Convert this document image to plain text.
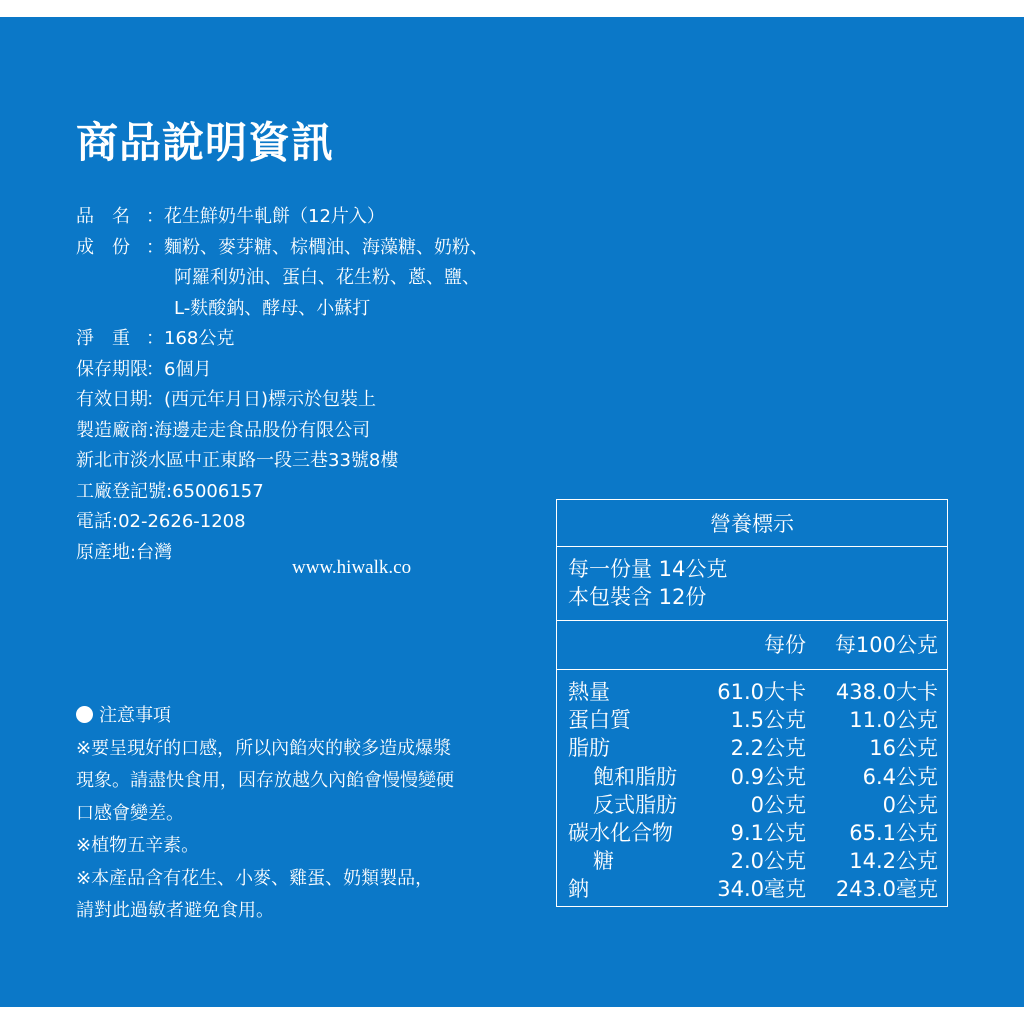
商品說明資訊
品　名 ： 花生鮮奶牛軋餅（12片入）
成　份 ： 麵粉、麥芽糖、棕櫚油、海藻糖、奶粉、
阿羅利奶油、蛋白、花生粉、蔥、鹽、
L-麩酸鈉、酵母、小蘇打
淨　重 ： 168公克
保存期限
： 6個月
有效日期
： (西元年月日)標示於包裝上
製造廠商:海邊走走食品股份有限公司
新北市淡水區中正東路一段三巷33號8樓
工廠登記號:65006157
電話:02-2626-1208
原產地:台灣
www.hiwalk.co
注意事項
※要呈現好的口感，所以內餡夾的較多造成爆漿
現象。請盡快食用，因存放越久內餡會慢慢變硬
口感會變差。
※植物五辛素。
※本產品含有花生、小麥、雞蛋、奶類製品，
請對此過敏者避免食用。
營養標示
每一份量 14公克
本包裝含 12份
每份 每100公克
熱量	61.0大卡 438.0大卡
蛋白質	1.5公克 11.0公克
脂肪	2.2公克	16公克
飽和脂肪	0.9公克	6.4公克
反式脂肪	0公克	0公克
碳水化合物	9.1公克 65.1公克
糖	2.0公克 14.2公克
鈉	34.0毫克 243.0毫克
